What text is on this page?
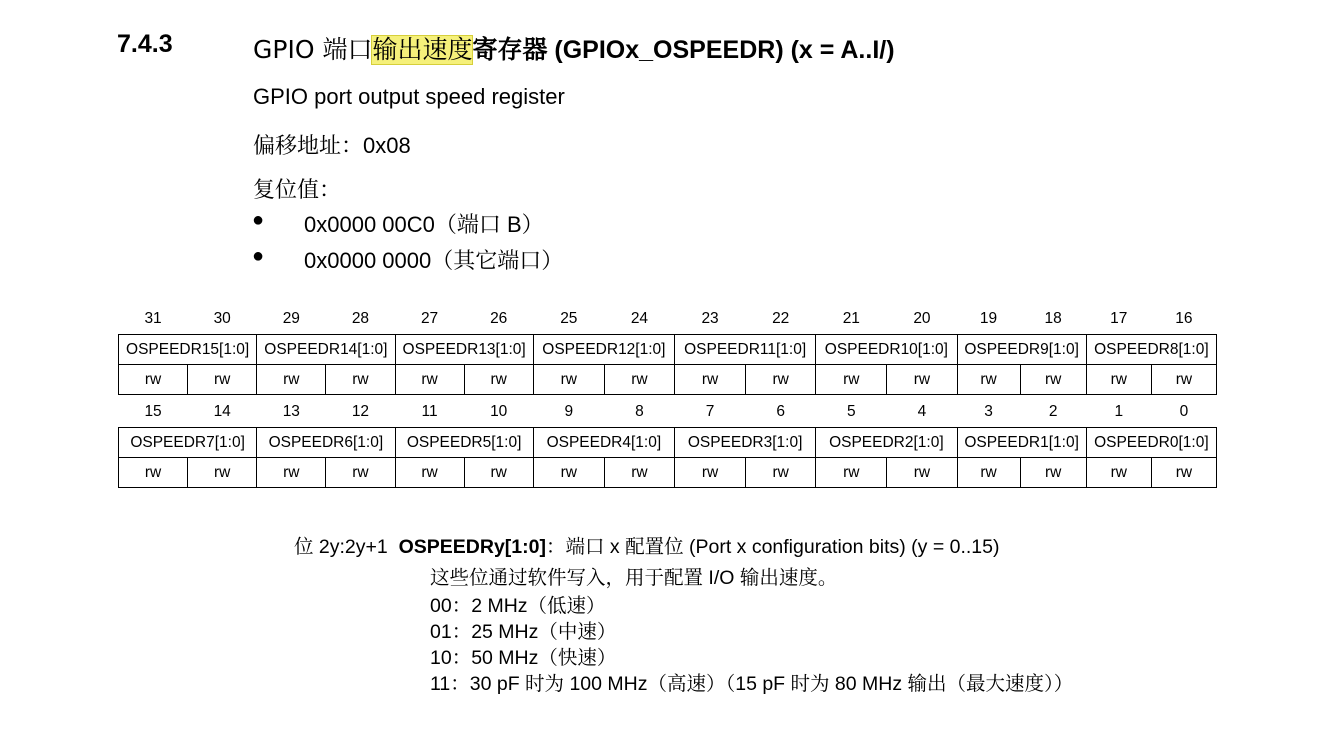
7.4.3	GPIO 端口输出速度寄存器 (GPIOx_OSPEEDR) (x = A..I/)
GPIO port output speed register
偏移地址：0x08
复位值：
● 0x0000 00C0（端口 B）
● 0x0000 0000（其它端口）
31	30	29	28	27	26	25	24	23	22	21	20	19	18	17	16
OSPEEDR15[1:0]		OSPEEDR14[1:0]		OSPEEDR13[1:0]		OSPEEDR12[1:0]		OSPEEDR11[1:0]		OSPEEDR10[1:0]		OSPEEDR9[1:0]		OSPEEDR8[1:0]	
rw	rw	rw	rw	rw	rw	rw	rw	rw	rw	rw	rw	rw	rw	rw	rw
15	14	13	12	11	10	9	8	7	6	5	4	3	2	1	0
OSPEEDR7[1:0]		OSPEEDR6[1:0]		OSPEEDR5[1:0]		OSPEEDR4[1:0]		OSPEEDR3[1:0]		OSPEEDR2[1:0]		OSPEEDR1[1:0]		OSPEEDR0[1:0]	
rw	rw	rw	rw	rw	rw	rw	rw	rw	rw	rw	rw	rw	rw	rw	rw
位 2y:2y+1 OSPEEDRy[1:0]：端口 x 配置位 (Port x configuration bits) (y = 0..15)
这些位通过软件写入，用于配置 I/O 输出速度。
00：2 MHz（低速）
01：25 MHz（中速）
10：50 MHz（快速）
11：30 pF 时为 100 MHz（高速）（15 pF 时为 80 MHz 输出（最大速度））
